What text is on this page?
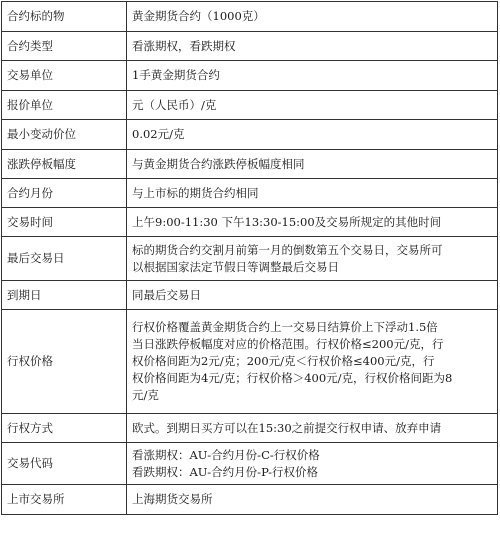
合约标的物	黄金期货合约（1000克）

合约类型	看涨期权，看跌期权

交易单位	1手黄金期货合约

报价单位	元（人民币）/克

最小变动价位	0.02元/克

涨跌停板幅度	与黄金期货合约涨跌停板幅度相同

合约月份	与上市标的期货合约相同

交易时间	上午9:00-11:30 下午13:30-15:00及交易所规定的其他时间

最后交易日	标的期货合约交割月前第一月的倒数第五个交易日，交易所可
以根据国家法定节假日等调整最后交易日

到期日	同最后交易日

行权价格	行权价格覆盖黄金期货合约上一交易日结算价上下浮动1.5倍
当日涨跌停板幅度对应的价格范围。行权价格≤200元/克，行
权价格间距为2元/克；200元/克＜行权价格≤400元/克，行
权价格间距为4元/克；行权价格＞400元/克，行权价格间距为8
元/克

行权方式	欧式。到期日买方可以在15:30之前提交行权申请、放弃申请

交易代码	看涨期权：AU-合约月份-C-行权价格
看跌期权：AU-合约月份-P-行权价格

上市交易所	上海期货交易所
